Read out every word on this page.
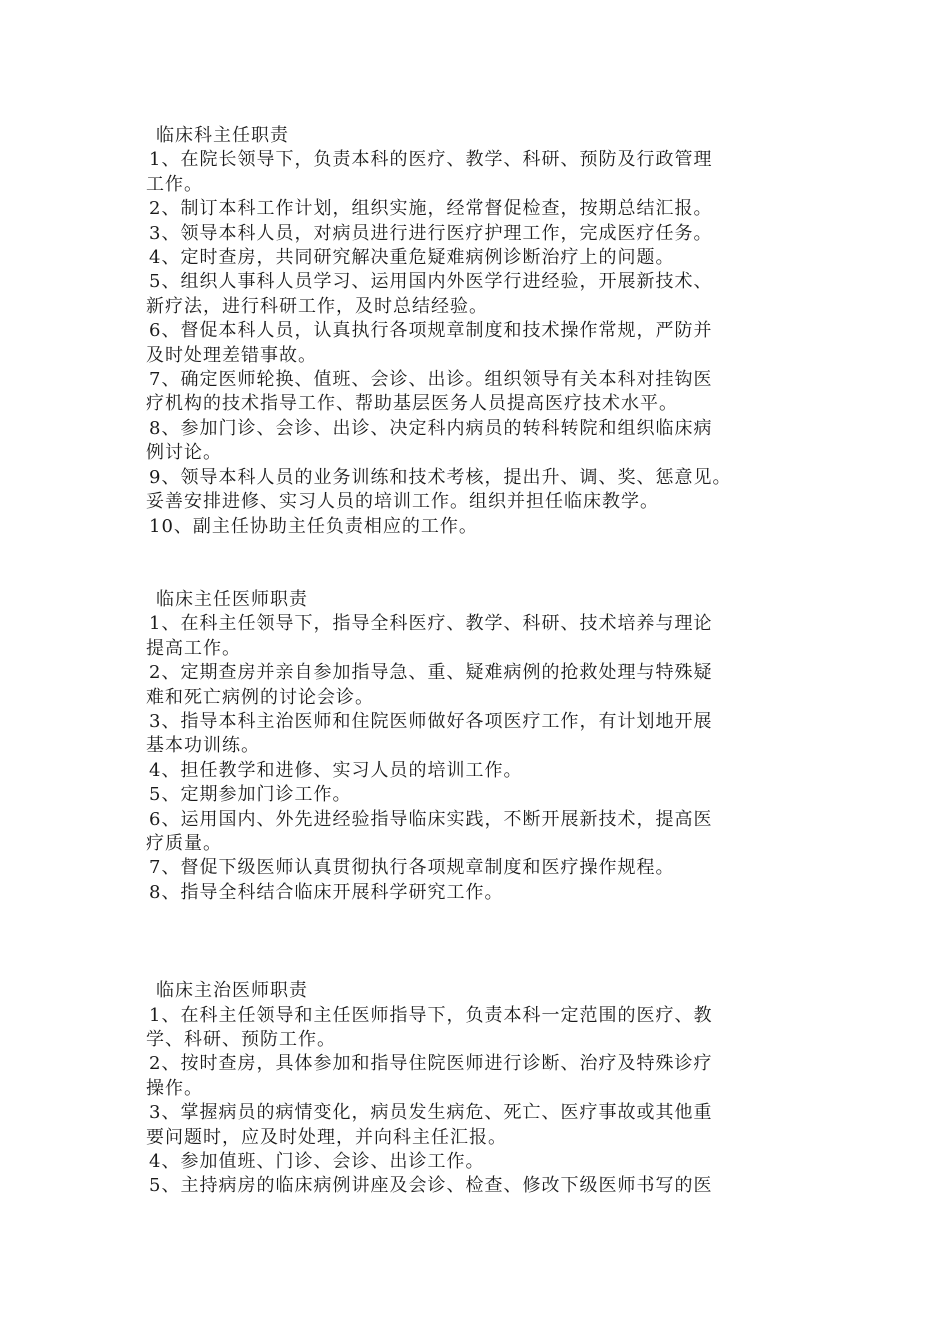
临床科主任职责

1、在院长领导下，负责本科的医疗、教学、科研、预防及行政管理
工作。

2、制订本科工作计划，组织实施，经常督促检查，按期总结汇报。

3、领导本科人员，对病员进行进行医疗护理工作，完成医疗任务。

4、定时查房，共同研究解决重危疑难病例诊断治疗上的问题。

5、组织人事科人员学习、运用国内外医学行进经验，开展新技术、
新疗法，进行科研工作，及时总结经验。

6、督促本科人员，认真执行各项规章制度和技术操作常规，严防并
及时处理差错事故。

7、确定医师轮换、值班、会诊、出诊。组织领导有关本科对挂钩医
疗机构的技术指导工作、帮助基层医务人员提高医疗技术水平。

8、参加门诊、会诊、出诊、决定科内病员的转科转院和组织临床病
例讨论。

9、领导本科人员的业务训练和技术考核，提出升、调、奖、惩意见。
妥善安排进修、实习人员的培训工作。组织并担任临床教学。

10、副主任协助主任负责相应的工作。

临床主任医师职责

1、在科主任领导下，指导全科医疗、教学、科研、技术培养与理论
提高工作。

2、定期查房并亲自参加指导急、重、疑难病例的抢救处理与特殊疑
难和死亡病例的讨论会诊。

3、指导本科主治医师和住院医师做好各项医疗工作，有计划地开展
基本功训练。

4、担任教学和进修、实习人员的培训工作。

5、定期参加门诊工作。

6、运用国内、外先进经验指导临床实践，不断开展新技术，提高医
疗质量。

7、督促下级医师认真贯彻执行各项规章制度和医疗操作规程。

8、指导全科结合临床开展科学研究工作。

临床主治医师职责

1、在科主任领导和主任医师指导下，负责本科一定范围的医疗、教
学、科研、预防工作。

2、按时查房，具体参加和指导住院医师进行诊断、治疗及特殊诊疗
操作。

3、掌握病员的病情变化，病员发生病危、死亡、医疗事故或其他重
要问题时，应及时处理，并向科主任汇报。

4、参加值班、门诊、会诊、出诊工作。

5、主持病房的临床病例讲座及会诊、检查、修改下级医师书写的医
